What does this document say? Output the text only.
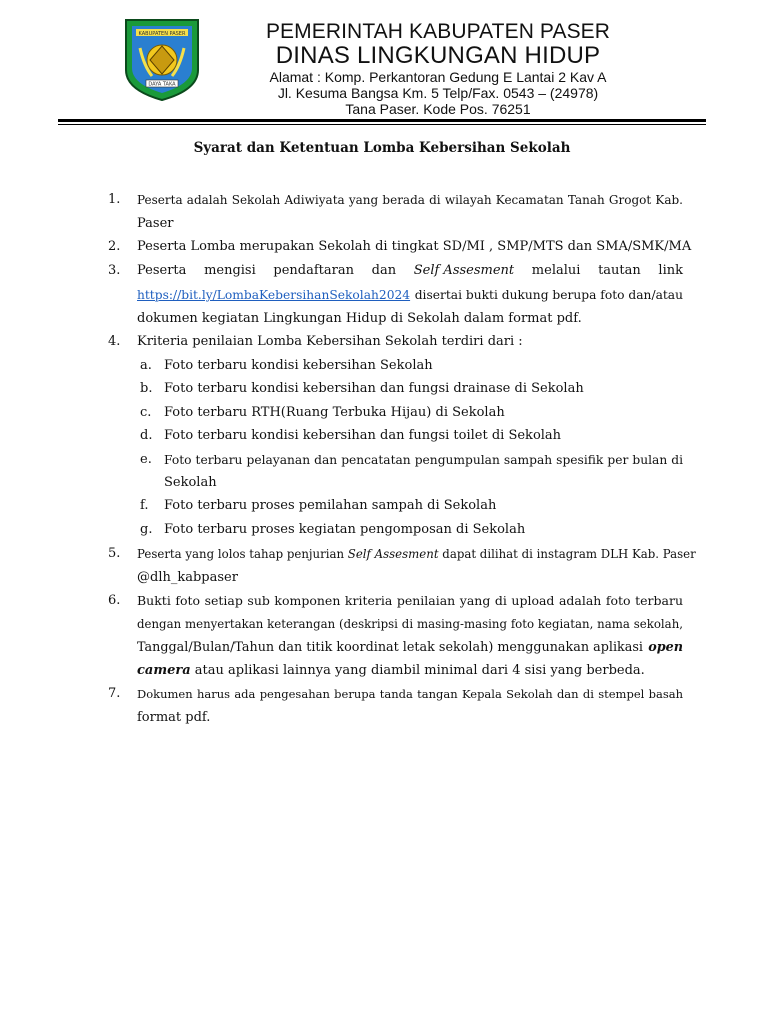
KABUPATEN PASER
DAYA TAKA
PEMERINTAH KABUPATEN PASER
DINAS LINGKUNGAN HIDUP
Alamat : Komp. Perkantoran Gedung E Lantai 2 Kav A
Jl. Kesuma Bangsa Km. 5 Telp/Fax. 0543 – (24978)
Tana Paser. Kode Pos. 76251
Syarat dan Ketentuan Lomba Kebersihan Sekolah
1. Peserta adalah Sekolah Adiwiyata yang berada di wilayah Kecamatan Tanah Grogot Kab.
Paser
2. Peserta Lomba merupakan Sekolah di tingkat SD/MI , SMP/MTS dan SMA/SMK/MA
3. Peserta mengisi pendaftaran dan Self Assesment melalui tautan link
https://bit.ly/LombaKebersihanSekolah2024 disertai bukti dukung berupa foto dan/atau
dokumen kegiatan Lingkungan Hidup di Sekolah dalam format pdf.
4. Kriteria penilaian Lomba Kebersihan Sekolah terdiri dari :
a. Foto terbaru kondisi kebersihan Sekolah
b. Foto terbaru kondisi kebersihan dan fungsi drainase di Sekolah
c. Foto terbaru RTH(Ruang Terbuka Hijau) di Sekolah
d. Foto terbaru kondisi kebersihan dan fungsi toilet di Sekolah
e. Foto terbaru pelayanan dan pencatatan pengumpulan sampah spesifik per bulan di
Sekolah
f. Foto terbaru proses pemilahan sampah di Sekolah
g. Foto terbaru proses kegiatan pengomposan di Sekolah
5. Peserta yang lolos tahap penjurian Self Assesment dapat dilihat di instagram DLH Kab. Paser
@dlh_kabpaser
6. Bukti foto setiap sub komponen kriteria penilaian yang di upload adalah foto terbaru
dengan menyertakan keterangan (deskripsi di masing-masing foto kegiatan, nama sekolah,
Tanggal/Bulan/Tahun dan titik koordinat letak sekolah) menggunakan aplikasi open
camera atau aplikasi lainnya yang diambil minimal dari 4 sisi yang berbeda.
7. Dokumen harus ada pengesahan berupa tanda tangan Kepala Sekolah dan di stempel basah
format pdf.
